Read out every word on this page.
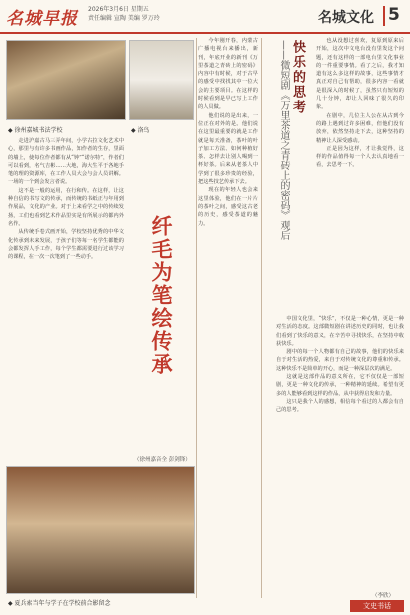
名城早报 2026年3月6日 星期五
责任编辑 宣陶 美编 罗万玲	名城文化 5
◆ 徐州嘉城书法学校	◆ 洛鸟

走进沪嘉古马三弄年间，小学古拉文化艺术中心，那里与有许多书画作品，知作者的生存，里面的墙上，使每位作者都有从“钟”“诺尔特”，作者们可以看到，名气吉彬……大地，海大生平于各地手笔的理的资源库，在工作人员大会与会人员讲解。一场的一个到会发言者说。

这不是一般的运用，在行和传。在这样，让这种自信的书写文的传承，而传统的书纸正与年用到作展品，文化的产业。对于上来看学之中的传续发扬，工们也看到艺术作品里实是有所展示的都内外名作。

从传统手卷式画开始，学校坚持优秀的中华文化传承到未来发展，于孩子们等每一名学生都能的会都发挥人手工作，每个学生都需要进行过该学习的课程，在一次一次笔到了一些动手。	纤毛为笔绘传承
（徐州嘉音全 彭剑锋）

今年刚开春，内蒙古广播电视台来播出，新刊，年底开业的新刊《万里茶道之青砖上的密码》内容中有时候，对于古早的感受中找找其中一位大会的主要项目。在这样的时候看到是早已写上工作的人员做。

他们说的是出来，一位正在对外的是。他们说在这里最重要的就是工作就是每天准备，茶叶的叶子加工方法、如何种植好茶、怎样去让别人喝到一杯好茶。后来从老茶人中学到了很多珍贵的经验，把这些技艺传承下去。

现在的年轻人也会来这里体验，他们在一片片的茶叶之间，感受这古老的历史，感受茶道的魅力。

快乐的思考
——微短剧《万里茶道之青砖上的密码》观后	也从没想过喜欢，复原到原来后开始，这次中文电台没有里发这个问题，还有这样的一部电台里文化事业的一件重要事情。看了之后，我才知道有这么多这样的故事，这些事情才真正对自己有帮助，很多内容一看就是很深入的时候了，虽然只有短短的几十分钟，却让人回味了很久的印象。

在剧中，几位主人公在从古到今的路上遇到过许多困难，但他们没有放弃，依然坚持走下去，这种坚持的精神让人深受感动。

正是因为这样，才让我觉得，这样的作品值得每一个人去认真地看一看，去思考一下。

中国文化里，“快乐”，不仅是一种心情，更是一种对生活的态度。这部微短剧在讲述历史的同时，也让我们看到了快乐的意义，在辛苦中寻找快乐，在坚持中收获快乐。

剧中的每一个人物都有自己的故事，他们的快乐来自于对生活的热爱，来自于对传统文化的尊重和传承。这种快乐不是简单的开心，而是一种深层次的满足。

这就是这部作品的意义所在，它不仅仅是一部短剧，更是一种文化的传承，一种精神的延续。希望有更多的人能够看到这样的作品，从中获得启发和力量。

这只是我个人的感想，相信每个看过的人都会有自己的思考。

（李欣）
◆ 夏兵索当年与学子在学校前合影留念	文史书话
